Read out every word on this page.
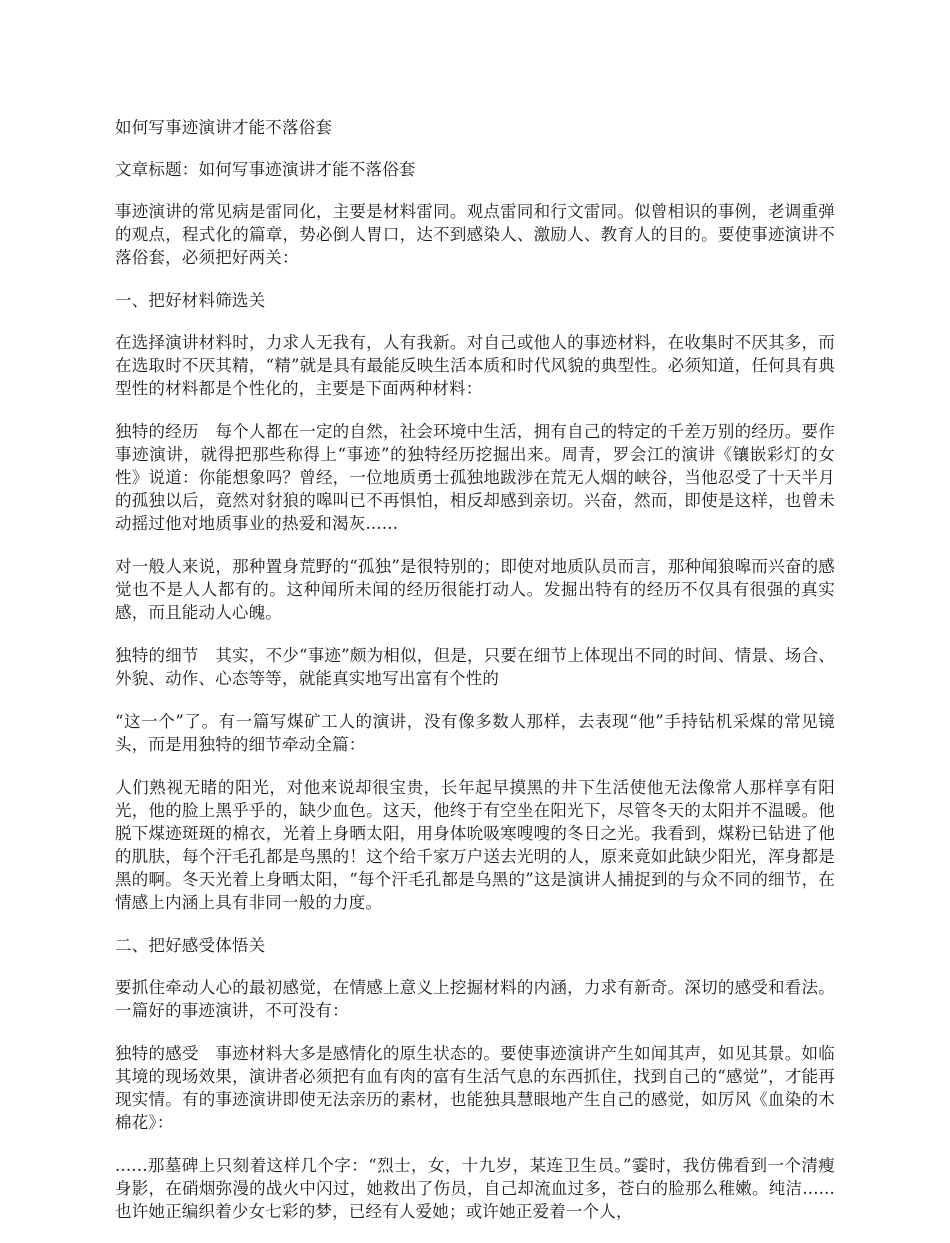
如何写事迹演讲才能不落俗套

文章标题：如何写事迹演讲才能不落俗套

事迹演讲的常见病是雷同化，主要是材料雷同。观点雷同和行文雷同。似曾相识的事例，老调重弹的观点，程式化的篇章，势必倒人胃口，达不到感染人、激励人、教育人的目的。要使事迹演讲不落俗套，必须把好两关：

一、把好材料筛选关

在选择演讲材料时，力求人无我有，人有我新。对自己或他人的事迹材料，在收集时不厌其多，而在选取时不厌其精，“精”就是具有最能反映生活本质和时代风貌的典型性。必须知道，任何具有典型性的材料都是个性化的，主要是下面两种材料：

独特的经历　每个人都在一定的自然，社会环境中生活，拥有自己的特定的千差万别的经历。要作事迹演讲，就得把那些称得上“事迹”的独特经历挖掘出来。周青，罗会江的演讲《镶嵌彩灯的女性》说道：你能想象吗？曾经，一位地质勇士孤独地跋涉在荒无人烟的峡谷，当他忍受了十天半月的孤独以后，竟然对豺狼的嗥叫已不再惧怕，相反却感到亲切。兴奋，然而，即使是这样，也曾未动摇过他对地质事业的热爱和渴灰......

对一般人来说，那种置身荒野的“孤独”是很特别的；即使对地质队员而言，那种闻狼嗥而兴奋的感觉也不是人人都有的。这种闻所未闻的经历很能打动人。发掘出特有的经历不仅具有很强的真实感，而且能动人心魄。

独特的细节　其实，不少“事迹”颇为相似，但是，只要在细节上体现出不同的时间、情景、场合、外貌、动作、心态等等，就能真实地写出富有个性的

“这一个”了。有一篇写煤矿工人的演讲，没有像多数人那样，去表现“他”手持钻机采煤的常见镜头，而是用独特的细节牵动全篇：

人们熟视无睹的阳光，对他来说却很宝贵，长年起早摸黑的井下生活使他无法像常人那样享有阳光，他的脸上黑乎乎的，缺少血色。这天，他终于有空坐在阳光下，尽管冬天的太阳并不温暖。他脱下煤迹斑斑的棉衣，光着上身晒太阳，用身体吮吸寒嗖嗖的冬日之光。我看到，煤粉已钻进了他的肌肤，每个汗毛孔都是鸟黑的！这个给千家万户送去光明的人，原来竟如此缺少阳光，浑身都是黑的啊。冬天光着上身晒太阳，“每个汗毛孔都是乌黑的”这是演讲人捕捉到的与众不同的细节，在情感上内涵上具有非同一般的力度。

二、把好感受体悟关

要抓住牵动人心的最初感觉，在情感上意义上挖掘材料的内涵，力求有新奇。深切的感受和看法。一篇好的事迹演讲，不可没有：

独特的感受　事迹材料大多是感情化的原生状态的。要使事迹演讲产生如闻其声，如见其景。如临其境的现场效果，演讲者必须把有血有肉的富有生活气息的东西抓住，找到自己的“感觉”，才能再现实情。有的事迹演讲即使无法亲历的素材，也能独具慧眼地产生自己的感觉，如厉风《血染的木棉花》：

......那墓碑上只刻着这样几个字：“烈士，女，十九岁，某连卫生员。”霎时，我仿佛看到一个清瘦身影，在硝烟弥漫的战火中闪过，她救出了伤员，自己却流血过多，苍白的脸那么稚嫩。纯洁......也许她正编织着少女七彩的梦，已经有人爱她；或许她正爱着一个人，
